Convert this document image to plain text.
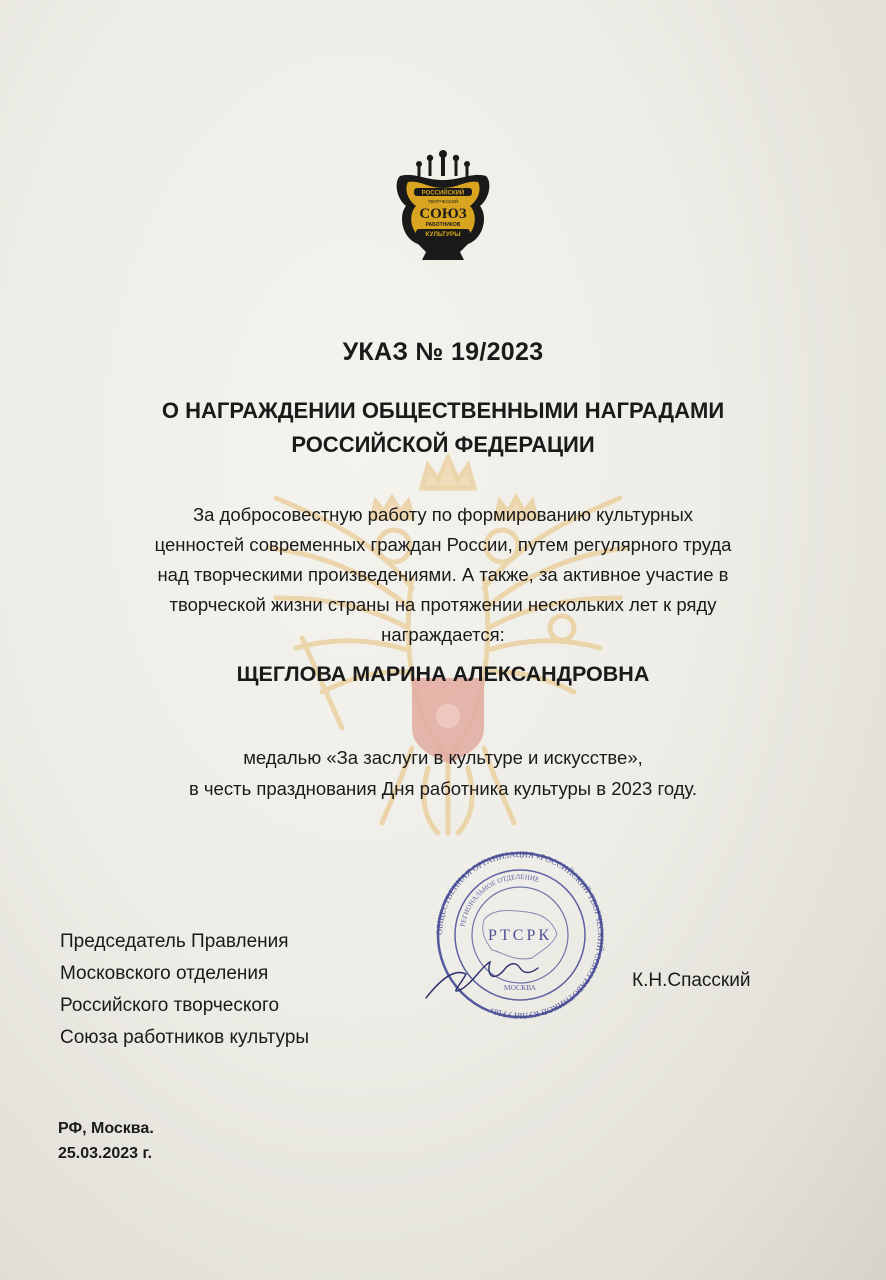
РОССИЙСКИЙ
ТВОРЧЕСКИЙ
СОЮЗ
РАБОТНИКОВ
КУЛЬТУРЫ
УКАЗ № 19/2023
О НАГРАЖДЕНИИ ОБЩЕСТВЕННЫМИ НАГРАДАМИ
РОССИЙСКОЙ ФЕДЕРАЦИИ
За добросовестную работу по формированию культурных
ценностей современных граждан России, путем регулярного труда
над творческими произведениями. А также, за активное участие в
творческой жизни страны на протяжении нескольких лет к ряду
награждается:
ЩЕГЛОВА МАРИНА АЛЕКСАНДРОВНА
медалью «За заслуги в культуре и искусстве»,
в честь празднования Дня работника культуры в 2023 году.
Председатель Правления
Московского отделения
Российского творческого
Союза работников культуры
ОБЩЕСТВЕННАЯ ОРГАНИЗАЦИЯ «РОССИЙСКИЙ ТВОРЧЕСКИЙ СОЮЗ РАБОТНИКОВ КУЛЬТУРЫ»
РЕГИОНАЛЬНОЕ ОТДЕЛЕНИЕ
РТСРК
МОСКВА	К.Н.Спасский
РФ, Москва.
25.03.2023 г.
